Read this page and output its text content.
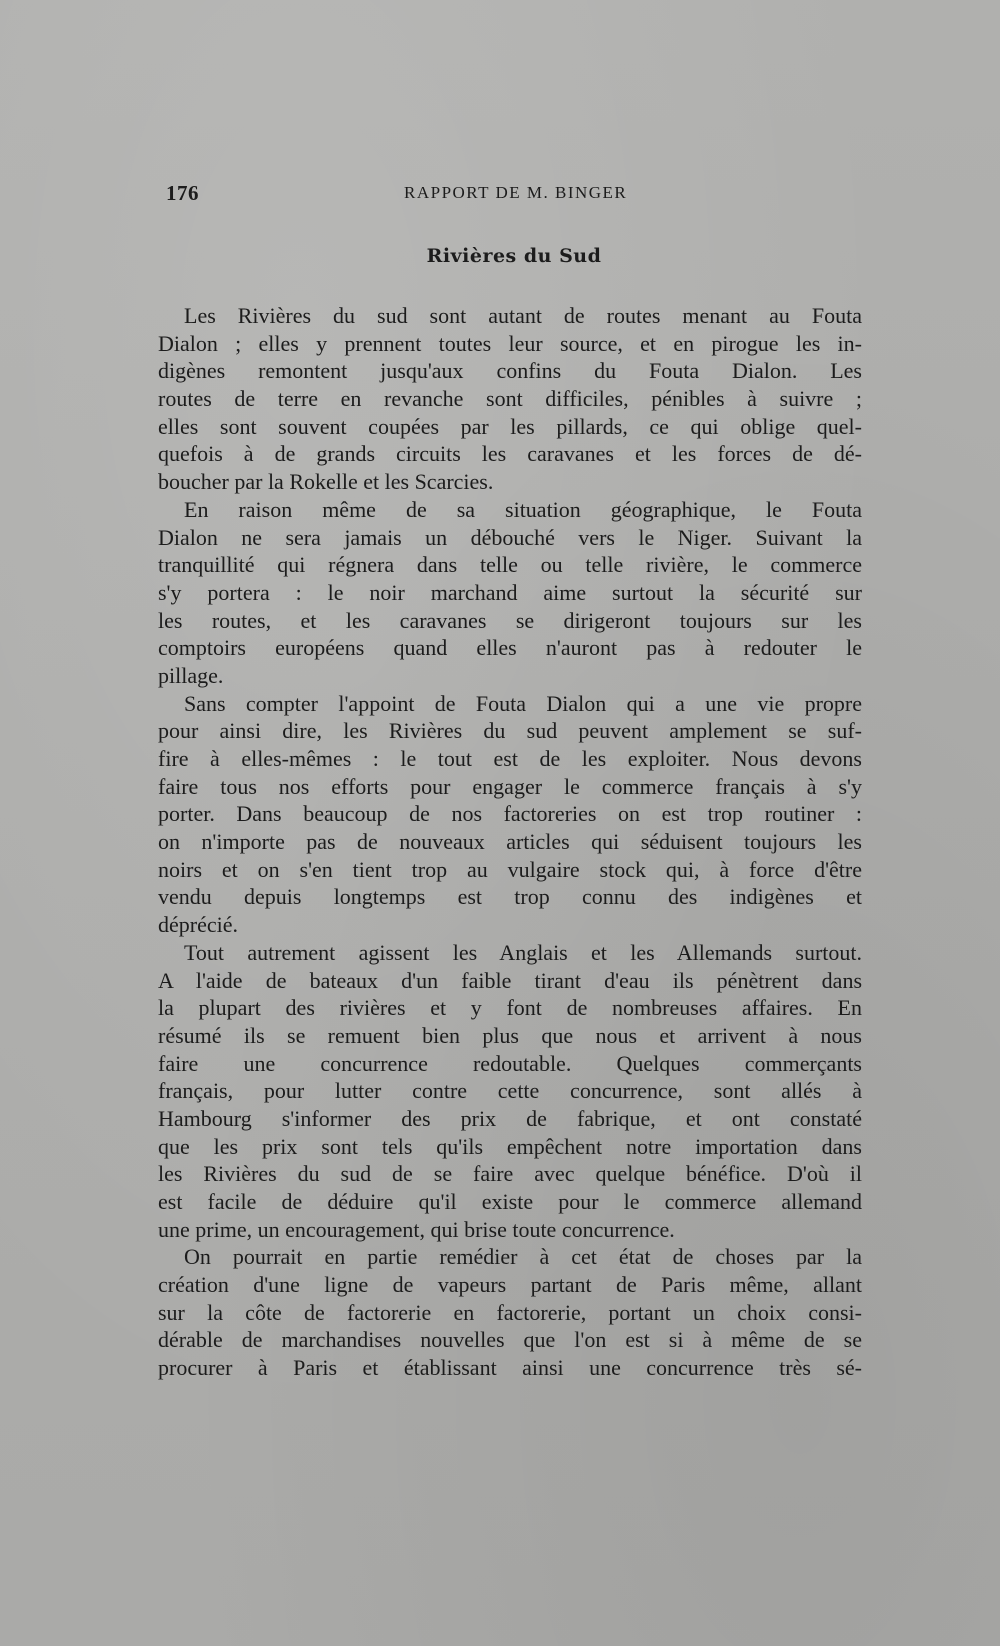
176	RAPPORT DE M. BINGER
Rivières du Sud
Les Rivières du sud sont autant de routes menant au Fouta
Dialon ; elles y prennent toutes leur source, et en pirogue les in-
digènes remontent jusqu'aux confins du Fouta Dialon. Les
routes de terre en revanche sont difficiles, pénibles à suivre ;
elles sont souvent coupées par les pillards, ce qui oblige quel-
quefois à de grands circuits les caravanes et les forces de dé-
boucher par la Rokelle et les Scarcies.
En raison même de sa situation géographique, le Fouta
Dialon ne sera jamais un débouché vers le Niger. Suivant la
tranquillité qui régnera dans telle ou telle rivière, le commerce
s'y portera : le noir marchand aime surtout la sécurité sur
les routes, et les caravanes se dirigeront toujours sur les
comptoirs européens quand elles n'auront pas à redouter le
pillage.
Sans compter l'appoint de Fouta Dialon qui a une vie propre
pour ainsi dire, les Rivières du sud peuvent amplement se suf-
fire à elles-mêmes : le tout est de les exploiter. Nous devons
faire tous nos efforts pour engager le commerce français à s'y
porter. Dans beaucoup de nos factoreries on est trop routiner :
on n'importe pas de nouveaux articles qui séduisent toujours les
noirs et on s'en tient trop au vulgaire stock qui, à force d'être
vendu depuis longtemps est trop connu des indigènes et
déprécié.
Tout autrement agissent les Anglais et les Allemands surtout.
A l'aide de bateaux d'un faible tirant d'eau ils pénètrent dans
la plupart des rivières et y font de nombreuses affaires. En
résumé ils se remuent bien plus que nous et arrivent à nous
faire une concurrence redoutable. Quelques commerçants
français, pour lutter contre cette concurrence, sont allés à
Hambourg s'informer des prix de fabrique, et ont constaté
que les prix sont tels qu'ils empêchent notre importation dans
les Rivières du sud de se faire avec quelque bénéfice. D'où il
est facile de déduire qu'il existe pour le commerce allemand
une prime, un encouragement, qui brise toute concurrence.
On pourrait en partie remédier à cet état de choses par la
création d'une ligne de vapeurs partant de Paris même, allant
sur la côte de factorerie en factorerie, portant un choix consi-
dérable de marchandises nouvelles que l'on est si à même de se
procurer à Paris et établissant ainsi une concurrence très sé-
